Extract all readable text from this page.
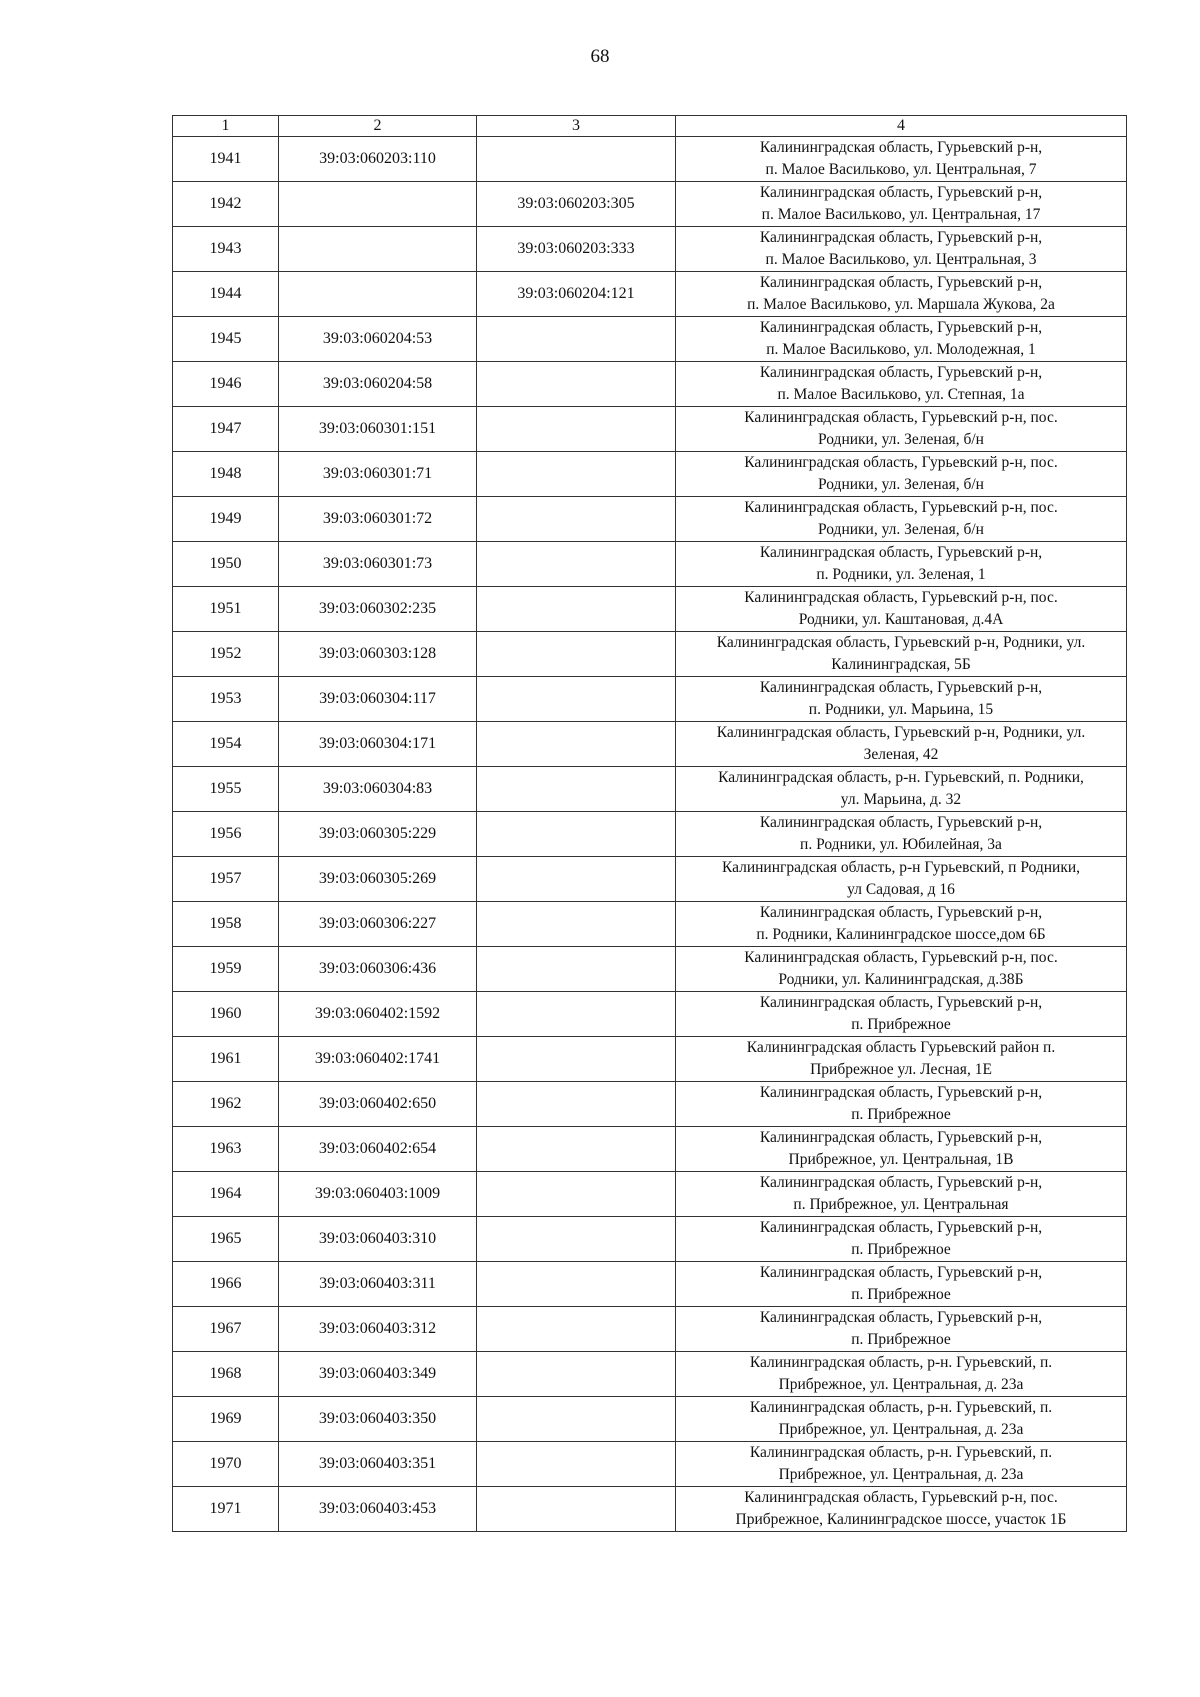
68
1	2	3	4
1941	39:03:060203:110		Калининградская область, Гурьевский р-н,
п. Малое Васильково, ул. Центральная, 7

1942		39:03:060203:305	Калининградская область, Гурьевский р-н,
п. Малое Васильково, ул. Центральная, 17

1943		39:03:060203:333	Калининградская область, Гурьевский р-н,
п. Малое Васильково, ул. Центральная, 3

1944		39:03:060204:121	Калининградская область, Гурьевский р-н,
п. Малое Васильково, ул. Маршала Жукова, 2а

1945	39:03:060204:53		Калининградская область, Гурьевский р-н,
п. Малое Васильково, ул. Молодежная, 1

1946	39:03:060204:58		Калининградская область, Гурьевский р-н,
п. Малое Васильково, ул. Степная, 1а

1947	39:03:060301:151		Калининградская область, Гурьевский р-н, пос.
Родники, ул. Зеленая, б/н

1948	39:03:060301:71		Калининградская область, Гурьевский р-н, пос.
Родники, ул. Зеленая, б/н

1949	39:03:060301:72		Калининградская область, Гурьевский р-н, пос.
Родники, ул. Зеленая, б/н

1950	39:03:060301:73		Калининградская область, Гурьевский р-н,
п. Родники, ул. Зеленая, 1

1951	39:03:060302:235		Калининградская область, Гурьевский р-н, пос.
Родники, ул. Каштановая, д.4А

1952	39:03:060303:128		Калининградская область, Гурьевский р-н, Родники, ул.
Калининградская, 5Б

1953	39:03:060304:117		Калининградская область, Гурьевский р-н,
п. Родники, ул. Марьина, 15

1954	39:03:060304:171		Калининградская область, Гурьевский р-н, Родники, ул.
Зеленая, 42

1955	39:03:060304:83		Калининградская область, р-н. Гурьевский, п. Родники,
ул. Марьина, д. 32

1956	39:03:060305:229		Калининградская область, Гурьевский р-н,
п. Родники, ул. Юбилейная, 3а

1957	39:03:060305:269		Калининградская область, р-н Гурьевский, п Родники,
ул Садовая, д 16

1958	39:03:060306:227		Калининградская область, Гурьевский р-н,
п. Родники, Калининградское шоссе,дом 6Б

1959	39:03:060306:436		Калининградская область, Гурьевский р-н, пос.
Родники, ул. Калининградская, д.38Б

1960	39:03:060402:1592		Калининградская область, Гурьевский р-н,
п. Прибрежное

1961	39:03:060402:1741		Калининградская область Гурьевский район п.
Прибрежное ул. Лесная, 1Е

1962	39:03:060402:650		Калининградская область, Гурьевский р-н,
п. Прибрежное

1963	39:03:060402:654		Калининградская область, Гурьевский р-н,
Прибрежное, ул. Центральная, 1В

1964	39:03:060403:1009		Калининградская область, Гурьевский р-н,
п. Прибрежное, ул. Центральная

1965	39:03:060403:310		Калининградская область, Гурьевский р-н,
п. Прибрежное

1966	39:03:060403:311		Калининградская область, Гурьевский р-н,
п. Прибрежное

1967	39:03:060403:312		Калининградская область, Гурьевский р-н,
п. Прибрежное

1968	39:03:060403:349		Калининградская область, р-н. Гурьевский, п.
Прибрежное, ул. Центральная, д. 23а

1969	39:03:060403:350		Калининградская область, р-н. Гурьевский, п.
Прибрежное, ул. Центральная, д. 23а

1970	39:03:060403:351		Калининградская область, р-н. Гурьевский, п.
Прибрежное, ул. Центральная, д. 23а

1971	39:03:060403:453		Калининградская область, Гурьевский р-н, пос.
Прибрежное, Калининградское шоссе, участок 1Б
